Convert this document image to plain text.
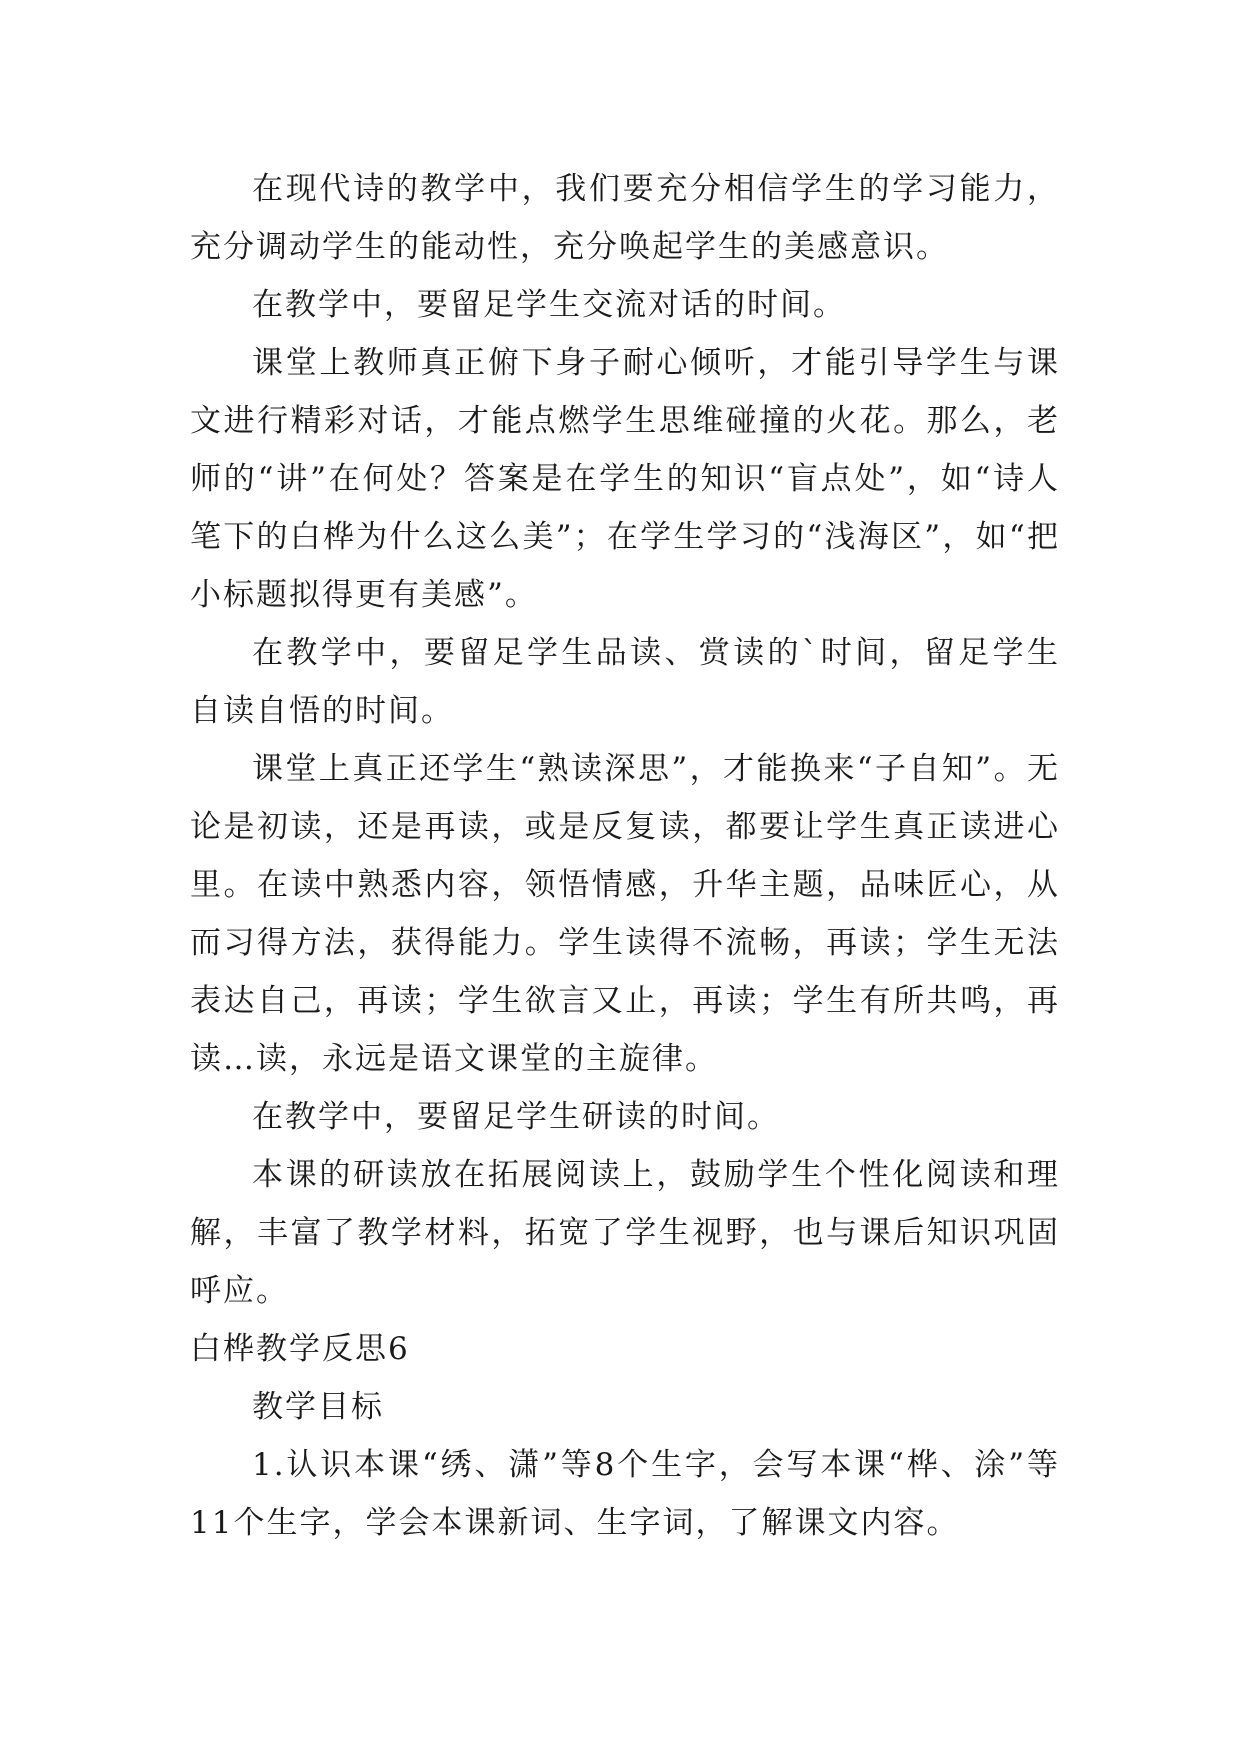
在现代诗的教学中，我们要充分相信学生的学习能力，充分调动学生的能动性，充分唤起学生的美感意识。

在教学中，要留足学生交流对话的时间。

课堂上教师真正俯下身子耐心倾听，才能引导学生与课文进行精彩对话，才能点燃学生思维碰撞的火花。那么，老师的“讲”在何处？答案是在学生的知识“盲点处”，如“诗人笔下的白桦为什么这么美”；在学生学习的“浅海区”，如“把小标题拟得更有美感”。

在教学中，要留足学生品读、赏读的`时间，留足学生自读自悟的时间。

课堂上真正还学生“熟读深思”，才能换来“子自知”。无论是初读，还是再读，或是反复读，都要让学生真正读进心里。在读中熟悉内容，领悟情感，升华主题，品味匠心，从而习得方法，获得能力。学生读得不流畅，再读；学生无法表达自己，再读；学生欲言又止，再读；学生有所共鸣，再读…读，永远是语文课堂的主旋律。

在教学中，要留足学生研读的时间。

本课的研读放在拓展阅读上，鼓励学生个性化阅读和理解，丰富了教学材料，拓宽了学生视野，也与课后知识巩固呼应。

白桦教学反思6

教学目标

1.认识本课“绣、潇”等8个生字，会写本课“桦、涂”等11个生字，学会本课新词、生字词，了解课文内容。
